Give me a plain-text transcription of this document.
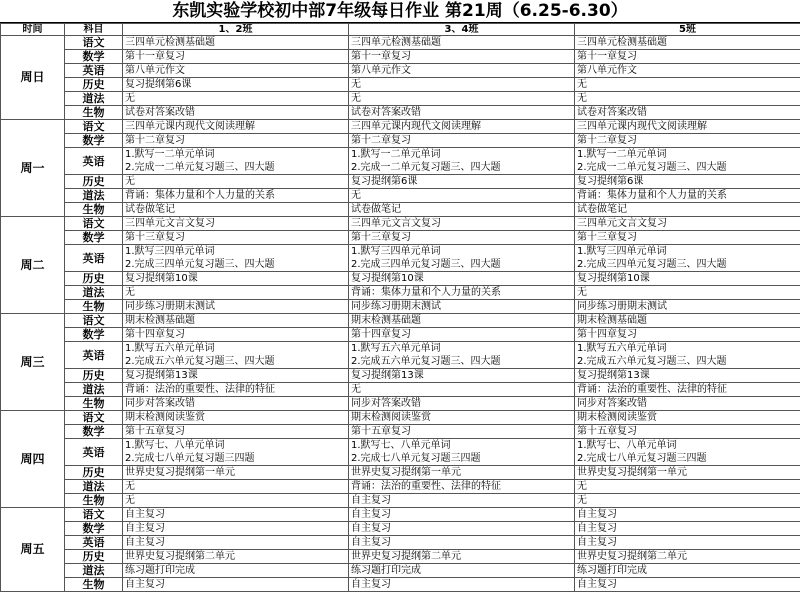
东凯实验学校初中部7年级每日作业 第21周（6.25-6.30）
时间	科目	1、2班	3、4班	5班
周日	语文	三四单元检测基础题	三四单元检测基础题	三四单元检测基础题

	数学	第十一章复习	第十一章复习	第十一章复习

	英语	第八单元作文	第八单元作文	第八单元作文

	历史	复习提纲第6课	无	无

	道法	无	无	无

	生物	试卷对答案改错	试卷对答案改错	试卷对答案改错

周一	语文	三四单元课内现代文阅读理解	三四单元课内现代文阅读理解	三四单元课内现代文阅读理解

	数学	第十二章复习	第十二章复习	第十二章复习

	英语	1.默写一二单元单词
2.完成一二单元复习题三、四大题	1.默写一二单元单词
2.完成一二单元复习题三、四大题	1.默写一二单元单词
2.完成一二单元复习题三、四大题

	历史	无	复习提纲第6课	复习提纲第6课

	道法	背诵：集体力量和个人力量的关系	无	背诵：集体力量和个人力量的关系

	生物	试卷做笔记	试卷做笔记	试卷做笔记

周二	语文	三四单元文言文复习	三四单元文言文复习	三四单元文言文复习

	数学	第十三章复习	第十三章复习	第十三章复习

	英语	1.默写三四单元单词
2.完成三四单元复习题三、四大题	1.默写三四单元单词
2.完成三四单元复习题三、四大题	1.默写三四单元单词
2.完成三四单元复习题三、四大题

	历史	复习提纲第10课	复习提纲第10课	复习提纲第10课

	道法	无	背诵：集体力量和个人力量的关系	无

	生物	同步练习册期末测试	同步练习册期末测试	同步练习册期末测试

周三	语文	期末检测基础题	期末检测基础题	期末检测基础题

	数学	第十四章复习	第十四章复习	第十四章复习

	英语	1.默写五六单元单词
2.完成五六单元复习题三、四大题	1.默写五六单元单词
2.完成五六单元复习题三、四大题	1.默写五六单元单词
2.完成五六单元复习题三、四大题

	历史	复习提纲第13课	复习提纲第13课	复习提纲第13课

	道法	背诵：法治的重要性、法律的特征	无	背诵：法治的重要性、法律的特征

	生物	同步对答案改错	同步对答案改错	同步对答案改错

周四	语文	期末检测阅读鉴赏	期末检测阅读鉴赏	期末检测阅读鉴赏

	数学	第十五章复习	第十五章复习	第十五章复习

	英语	1.默写七、八单元单词
2.完成七八单元复习题三四题	1.默写七、八单元单词
2.完成七八单元复习题三四题	1.默写七、八单元单词
2.完成七八单元复习题三四题

	历史	世界史复习提纲第一单元	世界史复习提纲第一单元	世界史复习提纲第一单元

	道法	无	背诵：法治的重要性、法律的特征	无

	生物	无	自主复习	无

周五	语文	自主复习	自主复习	自主复习

	数学	自主复习	自主复习	自主复习

	英语	自主复习	自主复习	自主复习

	历史	世界史复习提纲第二单元	世界史复习提纲第二单元	世界史复习提纲第二单元

	道法	练习题打印完成	练习题打印完成	练习题打印完成

	生物	自主复习	自主复习	自主复习
